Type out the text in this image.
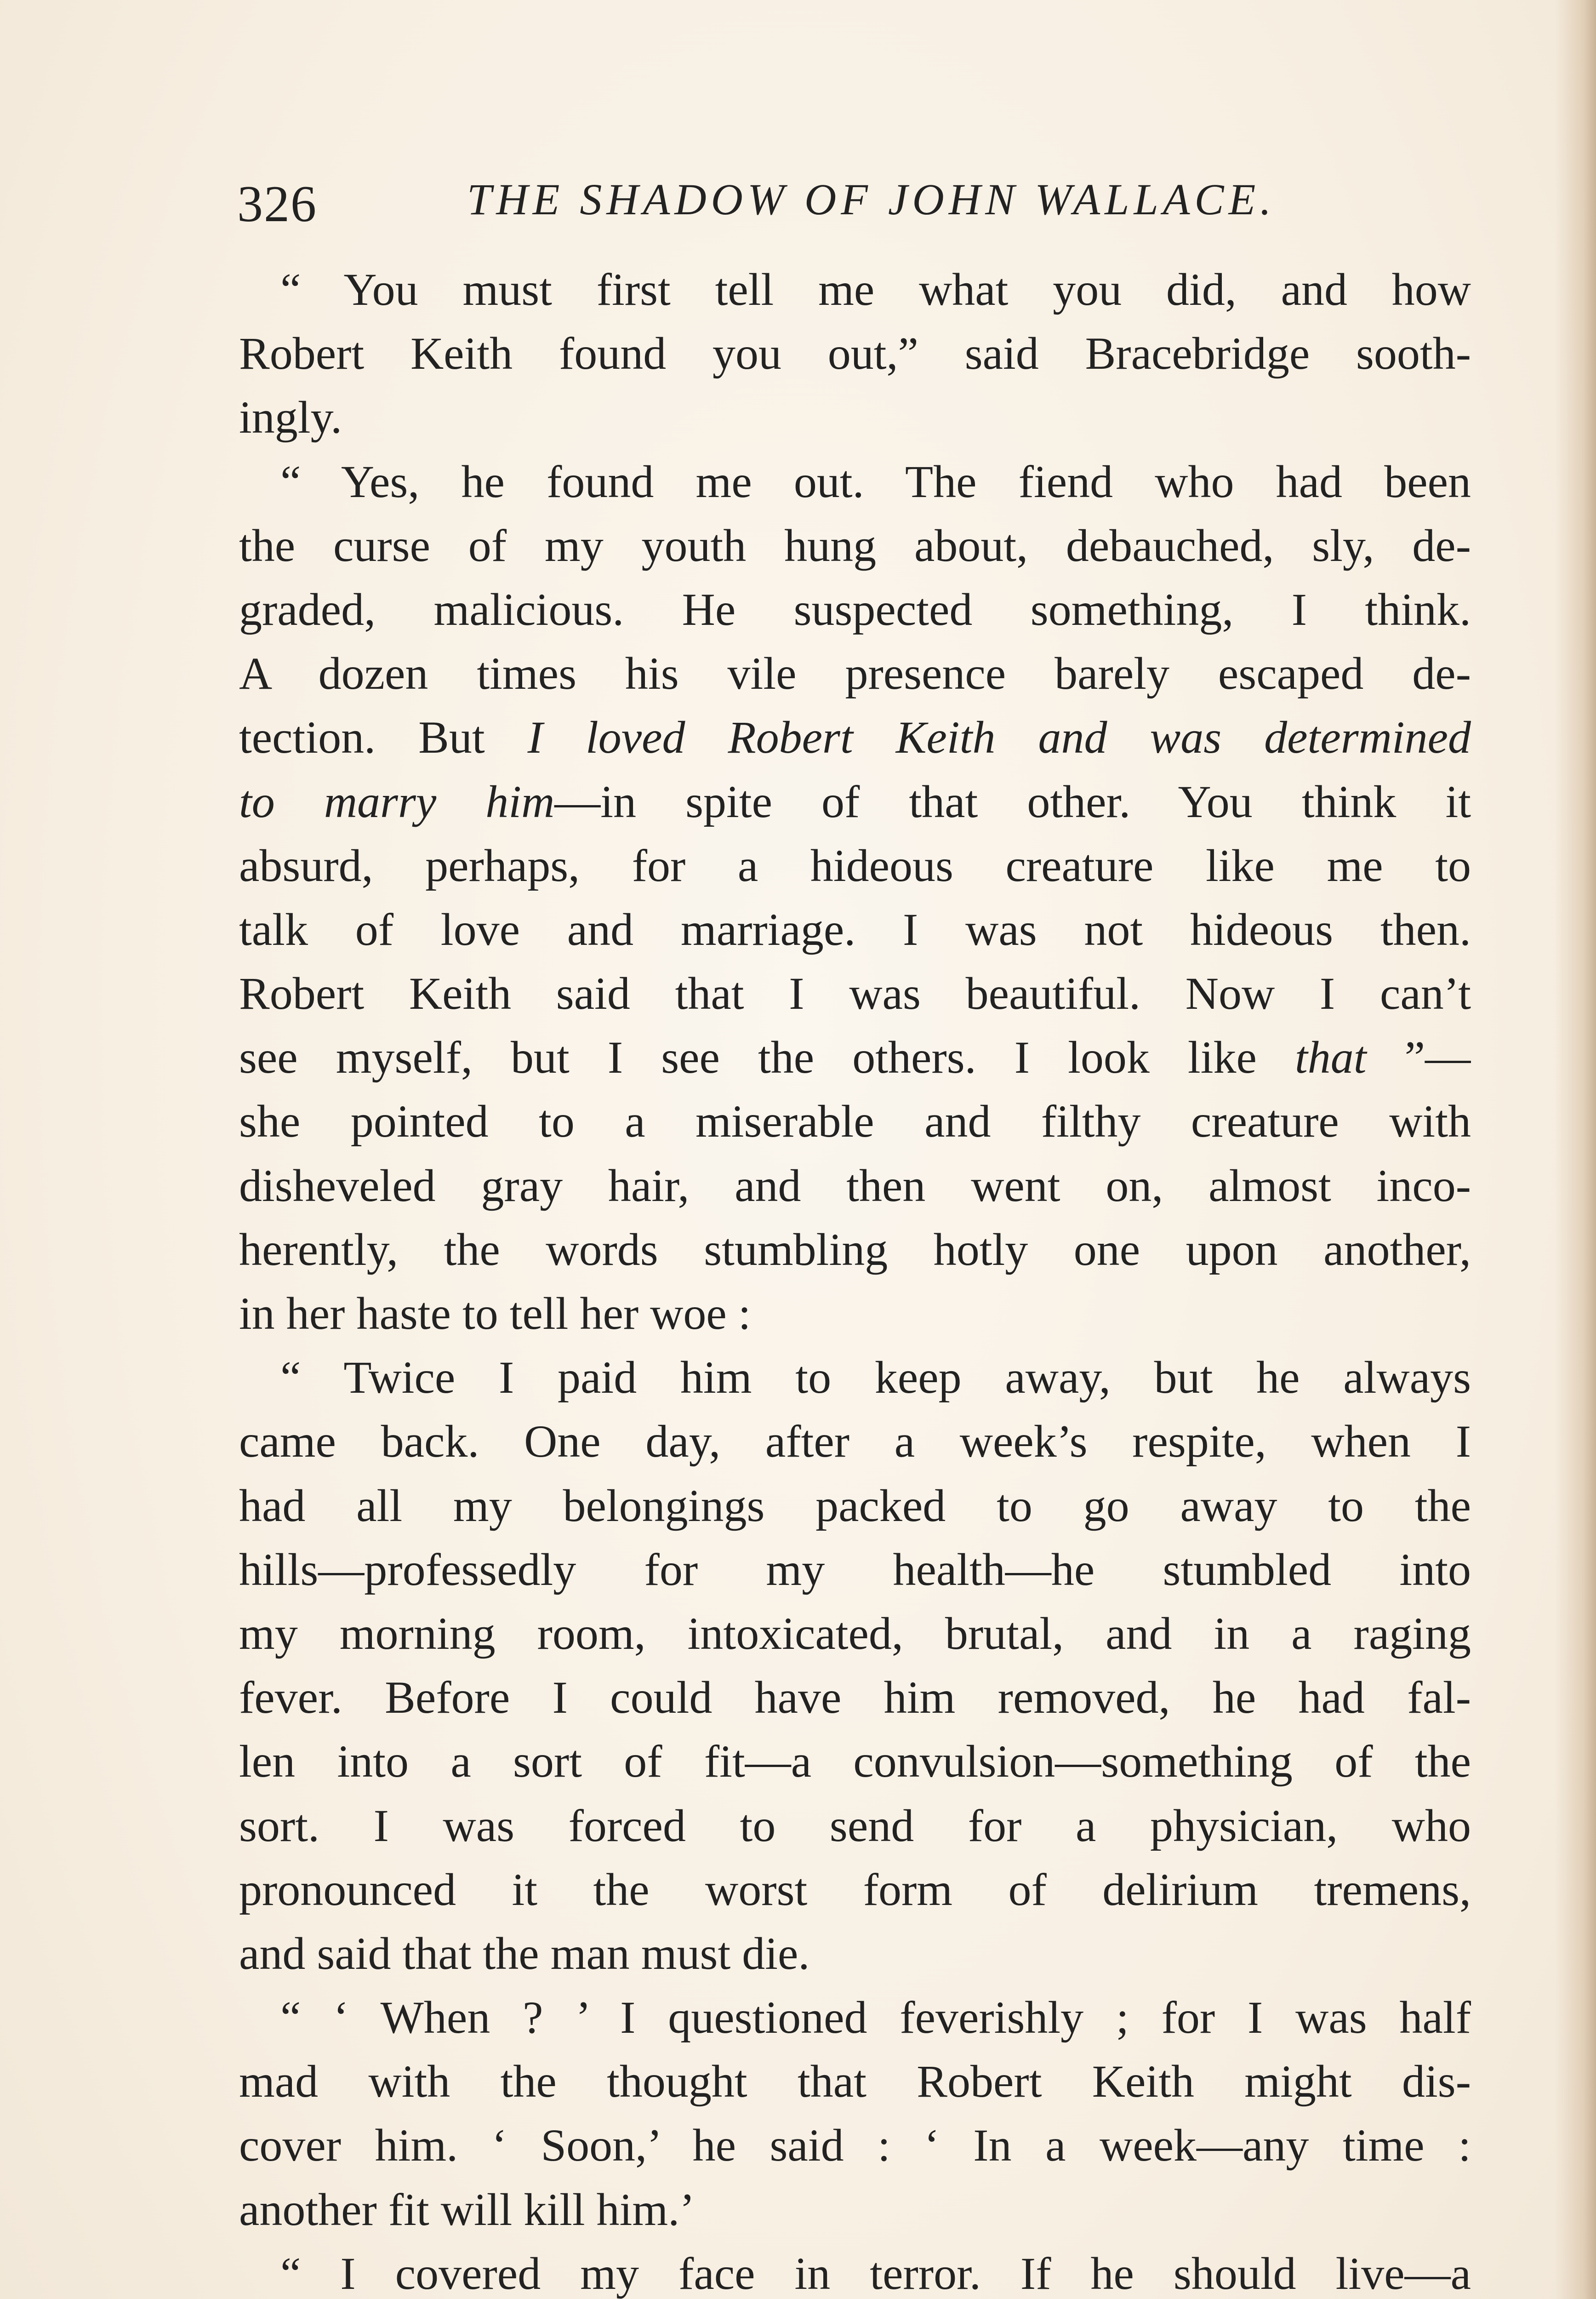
326	THE SHADOW OF JOHN WALLACE.
“ You must first tell me what you did, and how
Robert Keith found you out,” said Bracebridge sooth-
ingly.
“ Yes, he found me out. The fiend who had been
the curse of my youth hung about, debauched, sly, de-
graded, malicious. He suspected something, I think.
A dozen times his vile presence barely escaped de-
tection. But I loved Robert Keith and was determined
to marry him—in spite of that other. You think it
absurd, perhaps, for a hideous creature like me to
talk of love and marriage. I was not hideous then.
Robert Keith said that I was beautiful. Now I can’t
see myself, but I see the others. I look like that ”—
she pointed to a miserable and filthy creature with
disheveled gray hair, and then went on, almost inco-
herently, the words stumbling hotly one upon another,
in her haste to tell her woe :
“ Twice I paid him to keep away, but he always
came back. One day, after a week’s respite, when I
had all my belongings packed to go away to the
hills—professedly for my health—he stumbled into
my morning room, intoxicated, brutal, and in a raging
fever. Before I could have him removed, he had fal-
len into a sort of fit—a convulsion—something of the
sort. I was forced to send for a physician, who
pronounced it the worst form of delirium tremens,
and said that the man must die.
“ ‘ When ? ’ I questioned feverishly ; for I was half
mad with the thought that Robert Keith might dis-
cover him. ‘ Soon,’ he said : ‘ In a week—any time :
another fit will kill him.’
“ I covered my face in terror. If he should live—a
